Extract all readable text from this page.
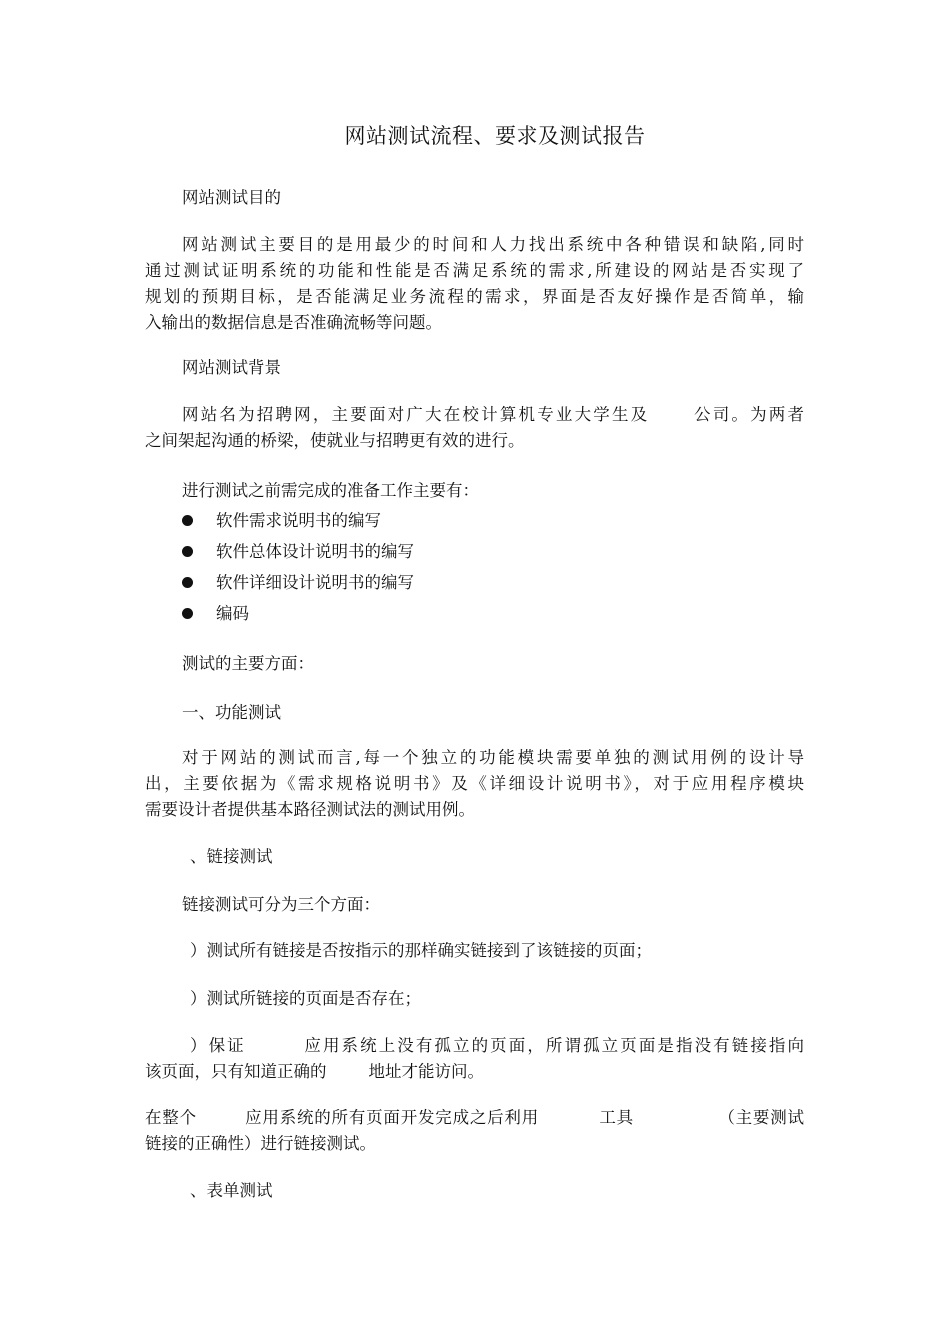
网站测试流程、要求及测试报告
网站测试目的
网站测试主要目的是用最少的时间和人力找出系统中各种错误和缺陷,同时
通过测试证明系统的功能和性能是否满足系统的需求,所建设的网站是否实现了
规划的预期目标，是否能满足业务流程的需求，界面是否友好操作是否简单，输
入输出的数据信息是否准确流畅等问题。
网站测试背景
网站名为招聘网，主要面对广大在校计算机专业大学生及      公司。为两者
之间架起沟通的桥梁，使就业与招聘更有效的进行。
进行测试之前需完成的准备工作主要有：
软件需求说明书的编写
软件总体设计说明书的编写
软件详细设计说明书的编写
编码
测试的主要方面：
一、功能测试
对于网站的测试而言,每一个独立的功能模块需要单独的测试用例的设计导
出，主要依据为《需求规格说明书》及《详细设计说明书》，对于应用程序模块
需要设计者提供基本路径测试法的测试用例。
、链接测试
链接测试可分为三个方面：
）测试所有链接是否按指示的那样确实链接到了该链接的页面；
）测试所链接的页面是否存在；
）保证        应用系统上没有孤立的页面，所谓孤立页面是指没有链接指向
该页面，只有知道正确的        地址才能访问。
在整个        应用系统的所有页面开发完成之后利用          工具              （主要测试
链接的正确性）进行链接测试。
、表单测试
